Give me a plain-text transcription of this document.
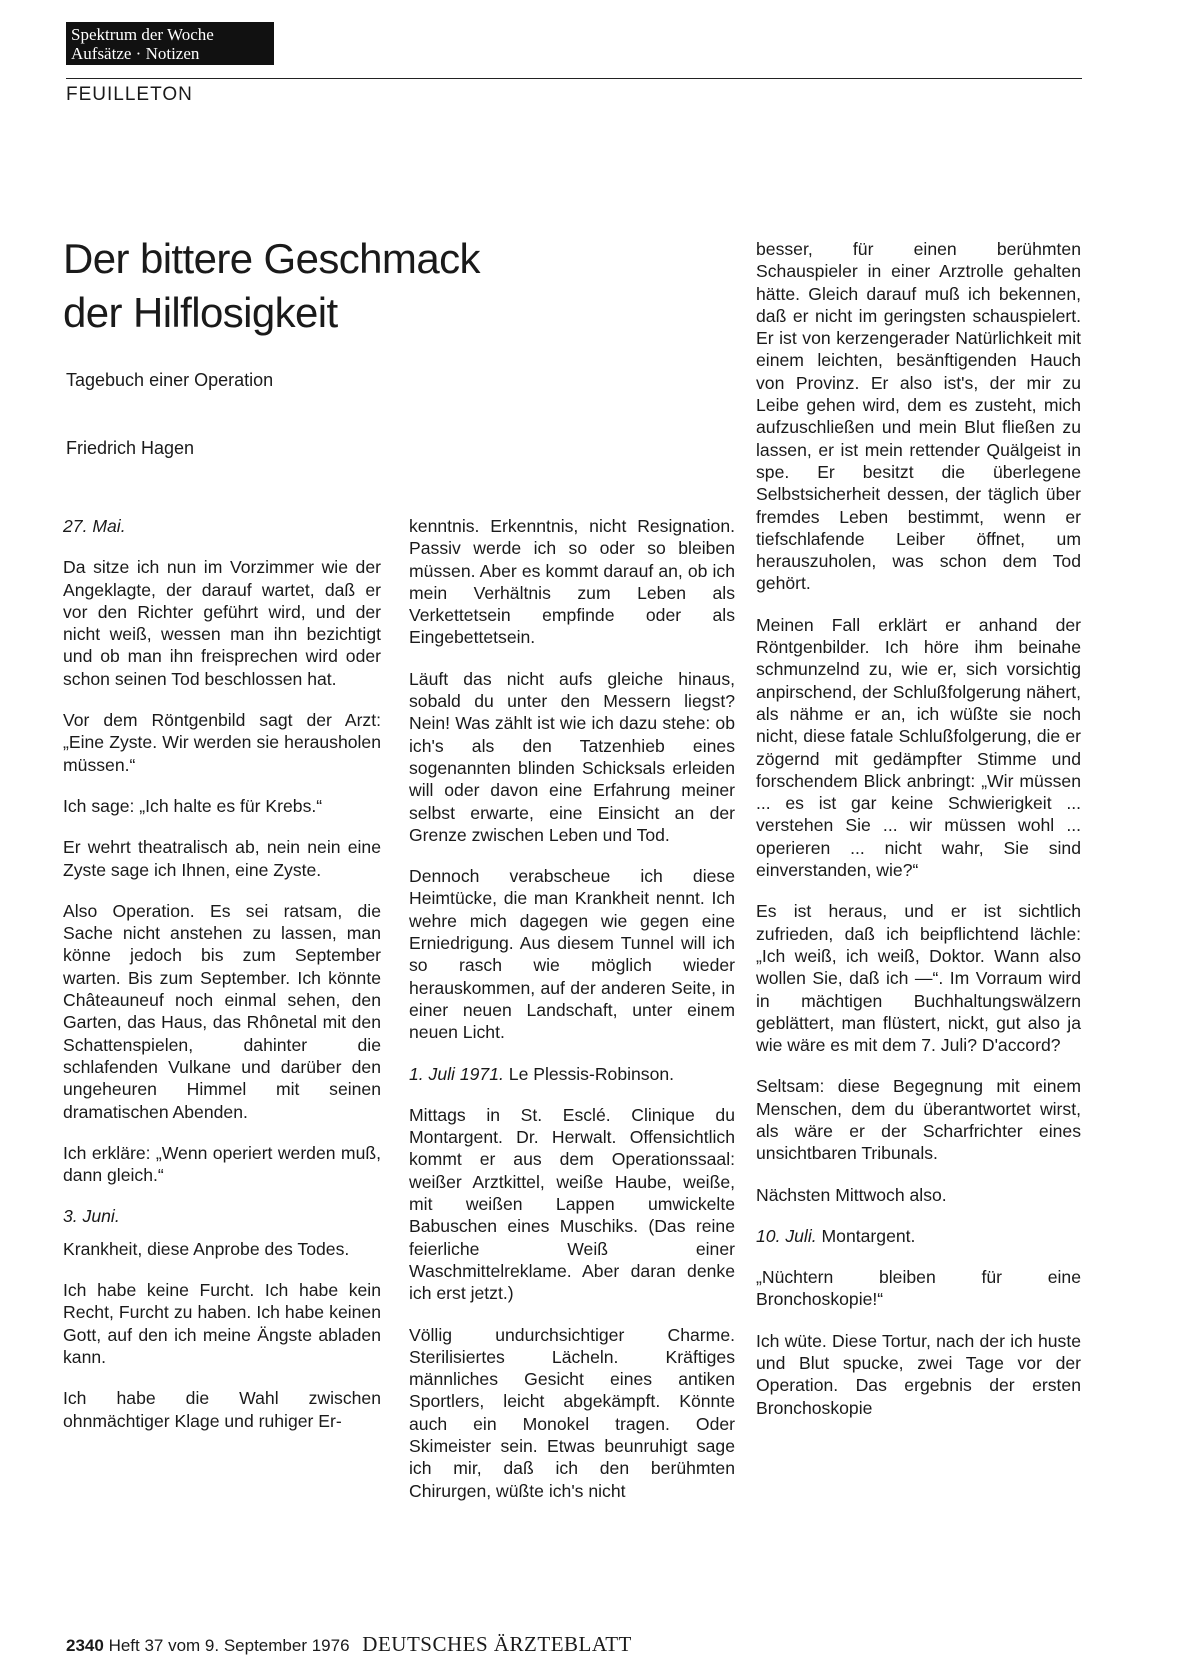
Spektrum der Woche
Aufsätze · Notizen
FEUILLETON
Der bittere Geschmack
der Hilflosigkeit
Tagebuch einer Operation
Friedrich Hagen

27. Mai.

Da sitze ich nun im Vorzimmer wie der Angeklagte, der darauf wartet, daß er vor den Richter geführt wird, und der nicht weiß, wessen man ihn bezichtigt und ob man ihn freisprechen wird oder schon seinen Tod beschlossen hat.

Vor dem Röntgenbild sagt der Arzt: „Eine Zyste. Wir werden sie herausholen müssen.“

Ich sage: „Ich halte es für Krebs.“

Er wehrt theatralisch ab, nein nein eine Zyste sage ich Ihnen, eine Zyste.

Also Operation. Es sei ratsam, die Sache nicht anstehen zu lassen, man könne jedoch bis zum September warten. Bis zum September. Ich könnte Châteauneuf noch einmal sehen, den Garten, das Haus, das Rhônetal mit den Schattenspielen, dahinter die schlafenden Vulkane und darüber den ungeheuren Himmel mit seinen dramatischen Abenden.

Ich erkläre: „Wenn operiert werden muß, dann gleich.“

3. Juni.

Krankheit, diese Anprobe des Todes.

Ich habe keine Furcht. Ich habe kein Recht, Furcht zu haben. Ich habe keinen Gott, auf den ich meine Ängste abladen kann.

Ich habe die Wahl zwischen ohnmächtiger Klage und ruhiger Er-

kenntnis. Erkenntnis, nicht Resignation. Passiv werde ich so oder so bleiben müssen. Aber es kommt darauf an, ob ich mein Verhältnis zum Leben als Verkettetsein empfinde oder als Eingebettetsein.

Läuft das nicht aufs gleiche hinaus, sobald du unter den Messern liegst? Nein! Was zählt ist wie ich dazu stehe: ob ich's als den Tatzenhieb eines sogenannten blinden Schicksals erleiden will oder davon eine Erfahrung meiner selbst erwarte, eine Einsicht an der Grenze zwischen Leben und Tod.

Dennoch verabscheue ich diese Heimtücke, die man Krankheit nennt. Ich wehre mich dagegen wie gegen eine Erniedrigung. Aus diesem Tunnel will ich so rasch wie möglich wieder herauskommen, auf der anderen Seite, in einer neuen Landschaft, unter einem neuen Licht.

1. Juli 1971. Le Plessis-Robinson.

Mittags in St. Esclé. Clinique du Montargent. Dr. Herwalt. Offensichtlich kommt er aus dem Operationssaal: weißer Arztkittel, weiße Haube, weiße, mit weißen Lappen umwickelte Babuschen eines Muschiks. (Das reine feierliche Weiß einer Waschmittelreklame. Aber daran denke ich erst jetzt.)

Völlig undurchsichtiger Charme. Sterilisiertes Lächeln. Kräftiges männliches Gesicht eines antiken Sportlers, leicht abgekämpft. Könnte auch ein Monokel tragen. Oder Skimeister sein. Etwas beunruhigt sage ich mir, daß ich den berühmten Chirurgen, wüßte ich's nicht

besser, für einen berühmten Schauspieler in einer Arztrolle gehalten hätte. Gleich darauf muß ich bekennen, daß er nicht im geringsten schauspielert. Er ist von kerzengerader Natürlichkeit mit einem leichten, besänftigenden Hauch von Provinz. Er also ist's, der mir zu Leibe gehen wird, dem es zusteht, mich aufzuschließen und mein Blut fließen zu lassen, er ist mein rettender Quälgeist in spe. Er besitzt die überlegene Selbstsicherheit dessen, der täglich über fremdes Leben bestimmt, wenn er tiefschlafende Leiber öffnet, um herauszuholen, was schon dem Tod gehört.

Meinen Fall erklärt er anhand der Röntgenbilder. Ich höre ihm beinahe schmunzelnd zu, wie er, sich vorsichtig anpirschend, der Schlußfolgerung nähert, als nähme er an, ich wüßte sie noch nicht, diese fatale Schlußfolgerung, die er zögernd mit gedämpfter Stimme und forschendem Blick anbringt: „Wir müssen ... es ist gar keine Schwierigkeit ... verstehen Sie ... wir müssen wohl ... operieren ... nicht wahr, Sie sind einverstanden, wie?“

Es ist heraus, und er ist sichtlich zufrieden, daß ich beipflichtend lächle: „Ich weiß, ich weiß, Doktor. Wann also wollen Sie, daß ich —“. Im Vorraum wird in mächtigen Buchhaltungswälzern geblättert, man flüstert, nickt, gut also ja wie wäre es mit dem 7. Juli? D'accord?

Seltsam: diese Begegnung mit einem Menschen, dem du überantwortet wirst, als wäre er der Scharfrichter eines unsichtbaren Tribunals.

Nächsten Mittwoch also.

10. Juli. Montargent.

„Nüchtern bleiben für eine Bronchoskopie!“

Ich wüte. Diese Tortur, nach der ich huste und Blut spucke, zwei Tage vor der Operation. Das ergebnis der ersten Bronchoskopie

2340 Heft 37 vom 9. September 1976 DEUTSCHES ÄRZTEBLATT
